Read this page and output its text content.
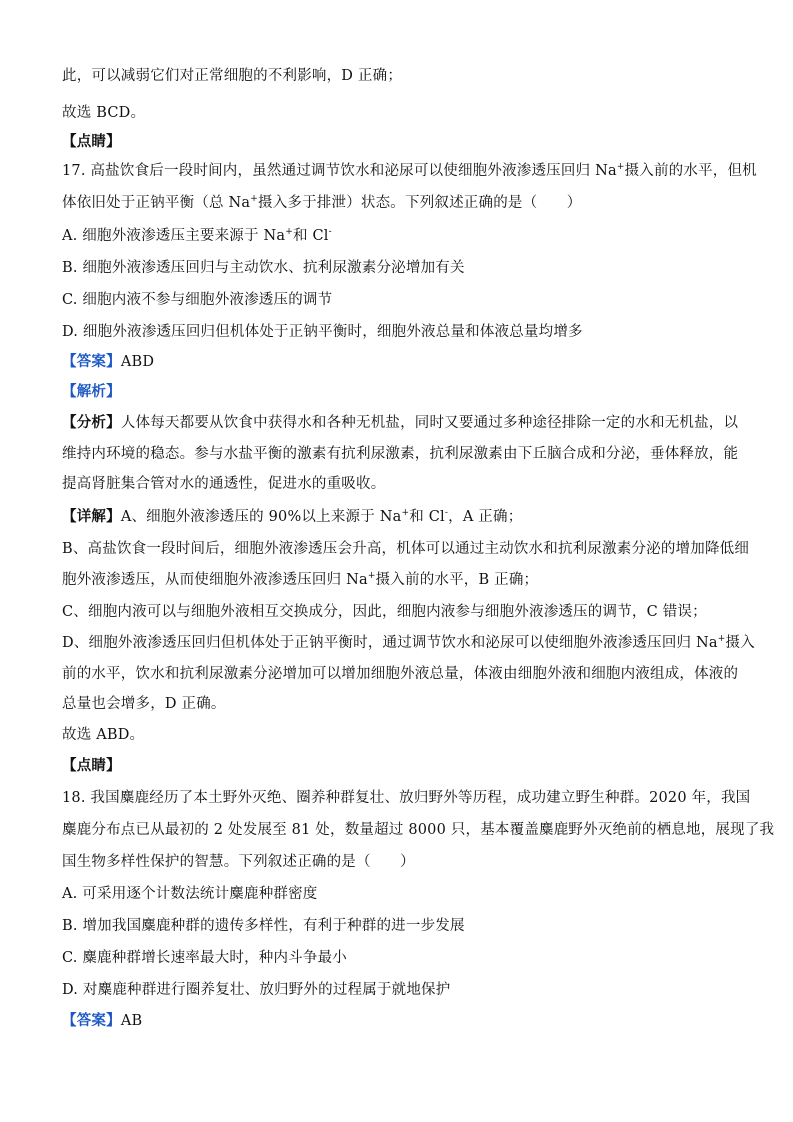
此，可以减弱它们对正常细胞的不利影响，D 正确；
故选 BCD。
【点睛】
17. 高盐饮食后一段时间内，虽然通过调节饮水和泌尿可以使细胞外液渗透压回归 Na+摄入前的水平，但机
体依旧处于正钠平衡（总 Na+摄入多于排泄）状态。下列叙述正确的是（　　）
A. 细胞外液渗透压主要来源于 Na+和 Cl-
B. 细胞外液渗透压回归与主动饮水、抗利尿激素分泌增加有关
C. 细胞内液不参与细胞外液渗透压的调节
D. 细胞外液渗透压回归但机体处于正钠平衡时，细胞外液总量和体液总量均增多
【答案】ABD
【解析】
【分析】人体每天都要从饮食中获得水和各种无机盐，同时又要通过多种途径排除一定的水和无机盐，以
维持内环境的稳态。参与水盐平衡的激素有抗利尿激素，抗利尿激素由下丘脑合成和分泌，垂体释放，能
提高肾脏集合管对水的通透性，促进水的重吸收。
【详解】A、细胞外液渗透压的 90%以上来源于 Na+和 Cl-，A 正确；
B、高盐饮食一段时间后，细胞外液渗透压会升高，机体可以通过主动饮水和抗利尿激素分泌的增加降低细
胞外液渗透压，从而使细胞外液渗透压回归 Na+摄入前的水平，B 正确；
C、细胞内液可以与细胞外液相互交换成分，因此，细胞内液参与细胞外液渗透压的调节，C 错误；
D、细胞外液渗透压回归但机体处于正钠平衡时，通过调节饮水和泌尿可以使细胞外液渗透压回归 Na+摄入
前的水平，饮水和抗利尿激素分泌增加可以增加细胞外液总量，体液由细胞外液和细胞内液组成，体液的
总量也会增多，D 正确。
故选 ABD。
【点睛】
18. 我国麋鹿经历了本土野外灭绝、圈养种群复壮、放归野外等历程，成功建立野生种群。2020 年，我国
麋鹿分布点已从最初的 2 处发展至 81 处，数量超过 8000 只，基本覆盖麋鹿野外灭绝前的栖息地，展现了我
国生物多样性保护的智慧。下列叙述正确的是（　　）
A. 可采用逐个计数法统计麋鹿种群密度
B. 增加我国麋鹿种群的遗传多样性，有利于种群的进一步发展
C. 麋鹿种群增长速率最大时，种内斗争最小
D. 对麋鹿种群进行圈养复壮、放归野外的过程属于就地保护
【答案】AB
